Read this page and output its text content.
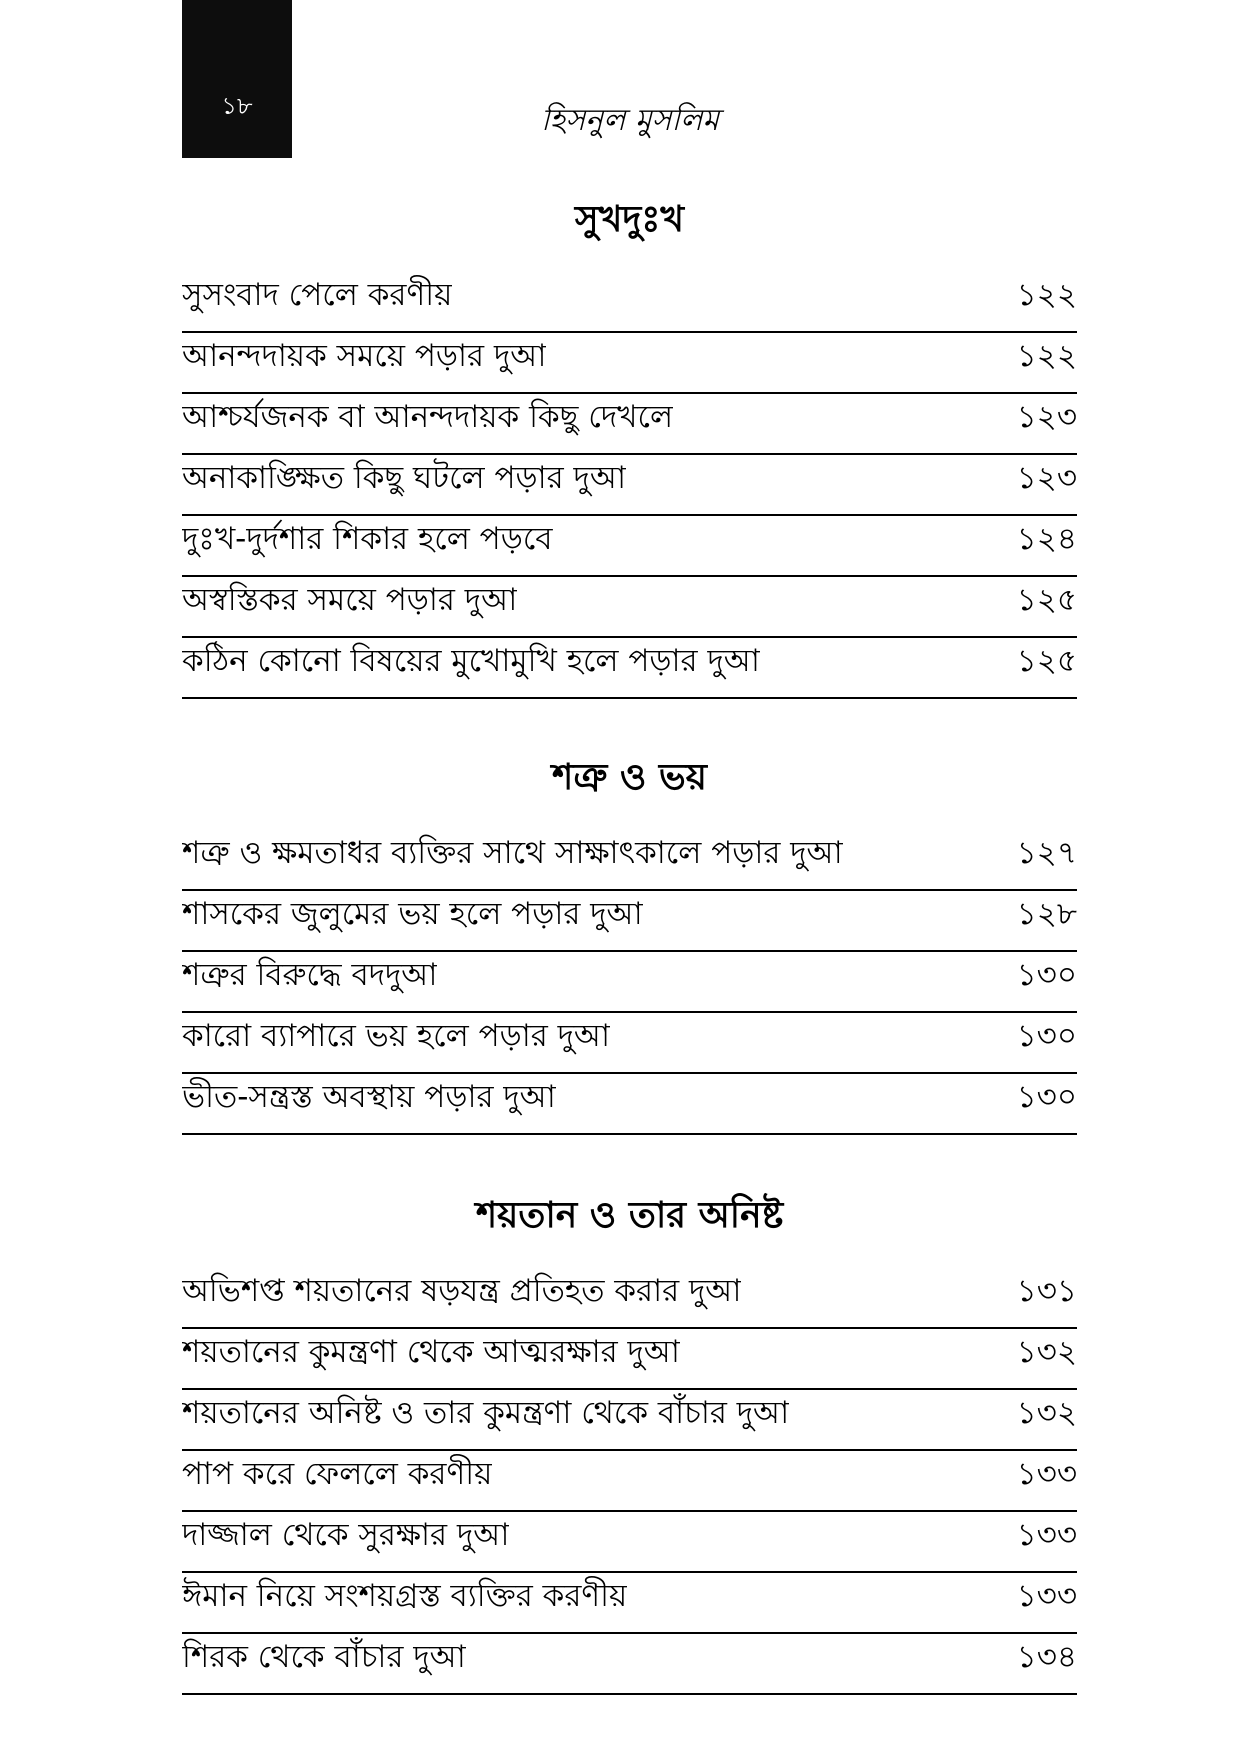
১৮	হিসনুল মুসলিম
সুখদুঃখ
সুসংবাদ পেলে করণীয়	১২২
আনন্দদায়ক সময়ে পড়ার দুআ	১২২
আশ্চর্যজনক বা আনন্দদায়ক কিছু দেখলে	১২৩
অনাকাঙ্ক্ষিত কিছু ঘটলে পড়ার দুআ	১২৩
দুঃখ-দুর্দশার শিকার হলে পড়বে	১২৪
অস্বস্তিকর সময়ে পড়ার দুআ	১২৫
কঠিন কোনো বিষয়ের মুখোমুখি হলে পড়ার দুআ	১২৫
শত্রু ও ভয়
শত্রু ও ক্ষমতাধর ব্যক্তির সাথে সাক্ষাৎকালে পড়ার দুআ	১২৭
শাসকের জুলুমের ভয় হলে পড়ার দুআ	১২৮
শত্রুর বিরুদ্ধে বদদুআ	১৩০
কারো ব্যাপারে ভয় হলে পড়ার দুআ	১৩০
ভীত-সন্ত্রস্ত অবস্থায় পড়ার দুআ	১৩০
শয়তান ও তার অনিষ্ট
অভিশপ্ত শয়তানের ষড়যন্ত্র প্রতিহত করার দুআ	১৩১
শয়তানের কুমন্ত্রণা থেকে আত্মরক্ষার দুআ	১৩২
শয়তানের অনিষ্ট ও তার কুমন্ত্রণা থেকে বাঁচার দুআ	১৩২
পাপ করে ফেললে করণীয়	১৩৩
দাজ্জাল থেকে সুরক্ষার দুআ	১৩৩
ঈমান নিয়ে সংশয়গ্রস্ত ব্যক্তির করণীয়	১৩৩
শিরক থেকে বাঁচার দুআ	১৩৪
